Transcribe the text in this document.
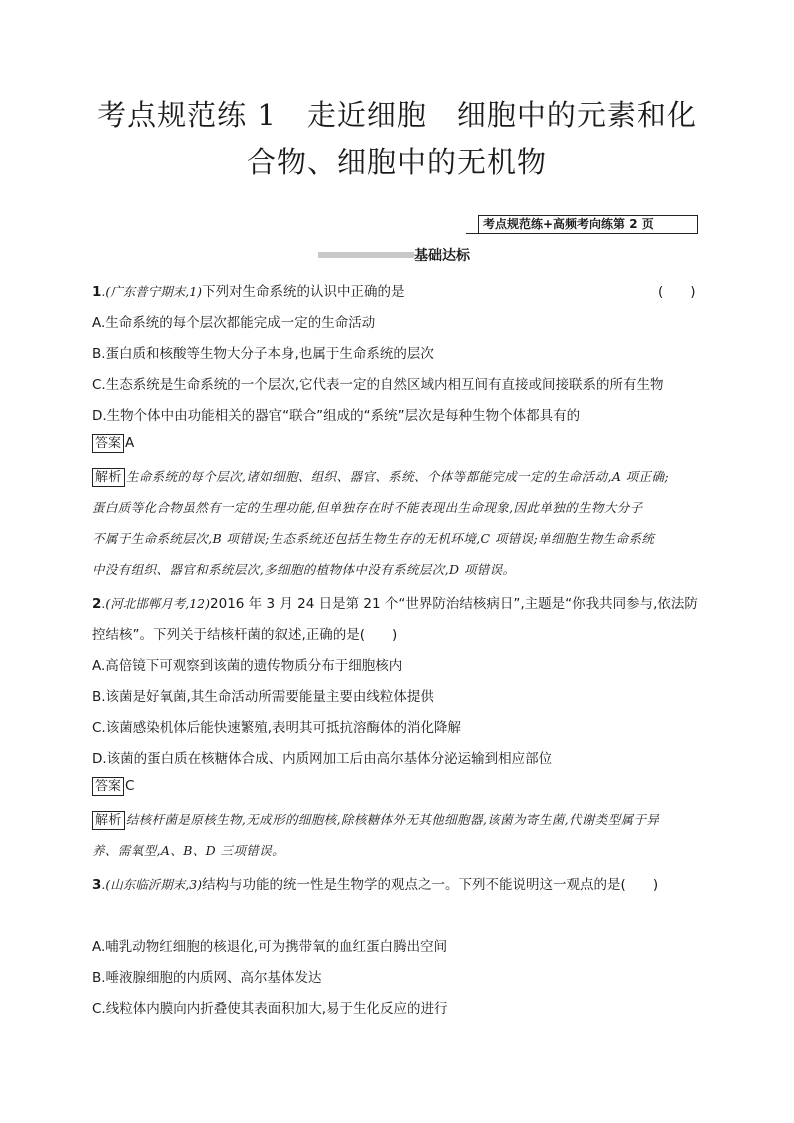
考点规范练 1　走近细胞　细胞中的元素和化
合物、细胞中的无机物
考点规范练+高频考向练第 2 页
基础达标
1.(广东普宁期末,1)下列对生命系统的认识中正确的是	(　　)
A.生命系统的每个层次都能完成一定的生命活动
B.蛋白质和核酸等生物大分子本身,也属于生命系统的层次
C.生态系统是生命系统的一个层次,它代表一定的自然区域内相互间有直接或间接联系的所有生物
D.生物个体中由功能相关的器官“联合”组成的“系统”层次是每种生物个体都具有的
答案 A
解析 生命系统的每个层次,诸如细胞、组织、器官、系统、个体等都能完成一定的生命活动,A 项正确;
蛋白质等化合物虽然有一定的生理功能,但单独存在时不能表现出生命现象,因此单独的生物大分子
不属于生命系统层次,B 项错误;生态系统还包括生物生存的无机环境,C 项错误;单细胞生物生命系统
中没有组织、器官和系统层次,多细胞的植物体中没有系统层次,D 项错误。
2.(河北邯郸月考,12)2016 年 3 月 24 日是第 21 个“世界防治结核病日”,主题是“你我共同参与,依法防
控结核”。下列关于结核杆菌的叙述,正确的是(　　)
A.高倍镜下可观察到该菌的遗传物质分布于细胞核内
B.该菌是好氧菌,其生命活动所需要能量主要由线粒体提供
C.该菌感染机体后能快速繁殖,表明其可抵抗溶酶体的消化降解
D.该菌的蛋白质在核糖体合成、内质网加工后由高尔基体分泌运输到相应部位
答案 C
解析 结核杆菌是原核生物,无成形的细胞核,除核糖体外无其他细胞器,该菌为寄生菌,代谢类型属于异
养、需氧型,A、B、D 三项错误。
3.(山东临沂期末,3)结构与功能的统一性是生物学的观点之一。下列不能说明这一观点的是(　　)
A.哺乳动物红细胞的核退化,可为携带氧的血红蛋白腾出空间
B.唾液腺细胞的内质网、高尔基体发达
C.线粒体内膜向内折叠使其表面积加大,易于生化反应的进行
